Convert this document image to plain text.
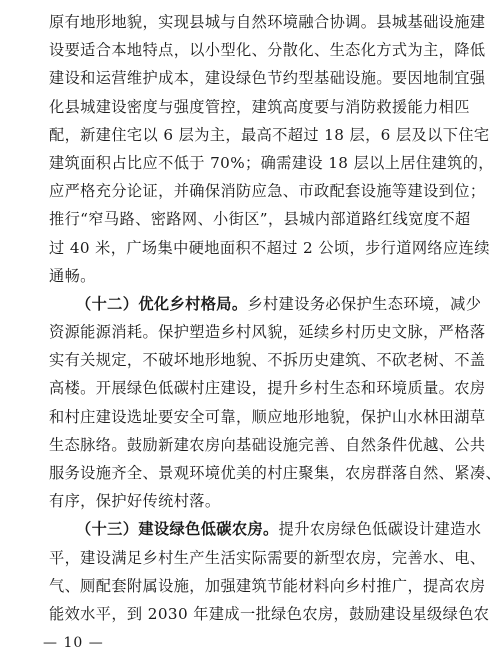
原有地形地貌，实现县城与自然环境融合协调。县城基础设施建
设要适合本地特点，以小型化、分散化、生态化方式为主，降低
建设和运营维护成本，建设绿色节约型基础设施。要因地制宜强
化县城建设密度与强度管控，建筑高度要与消防救援能力相匹
配，新建住宅以 6 层为主，最高不超过 18 层，6 层及以下住宅
建筑面积占比应不低于 70%；确需建设 18 层以上居住建筑的，
应严格充分论证，并确保消防应急、市政配套设施等建设到位；
推行“窄马路、密路网、小街区”，县城内部道路红线宽度不超
过 40 米，广场集中硬地面积不超过 2 公顷，步行道网络应连续
通畅。
（十二）优化乡村格局。乡村建设务必保护生态环境，减少
资源能源消耗。保护塑造乡村风貌，延续乡村历史文脉，严格落
实有关规定，不破坏地形地貌、不拆历史建筑、不砍老树、不盖
高楼。开展绿色低碳村庄建设，提升乡村生态和环境质量。农房
和村庄建设选址要安全可靠，顺应地形地貌，保护山水林田湖草
生态脉络。鼓励新建农房向基础设施完善、自然条件优越、公共
服务设施齐全、景观环境优美的村庄聚集，农房群落自然、紧凑、
有序，保护好传统村落。
（十三）建设绿色低碳农房。提升农房绿色低碳设计建造水
平，建设满足乡村生产生活实际需要的新型农房，完善水、电、
— 10 —
气、厕配套附属设施，加强建筑节能材料向乡村推广，提高农房
能效水平，到 2030 年建成一批绿色农房，鼓励建设星级绿色农
